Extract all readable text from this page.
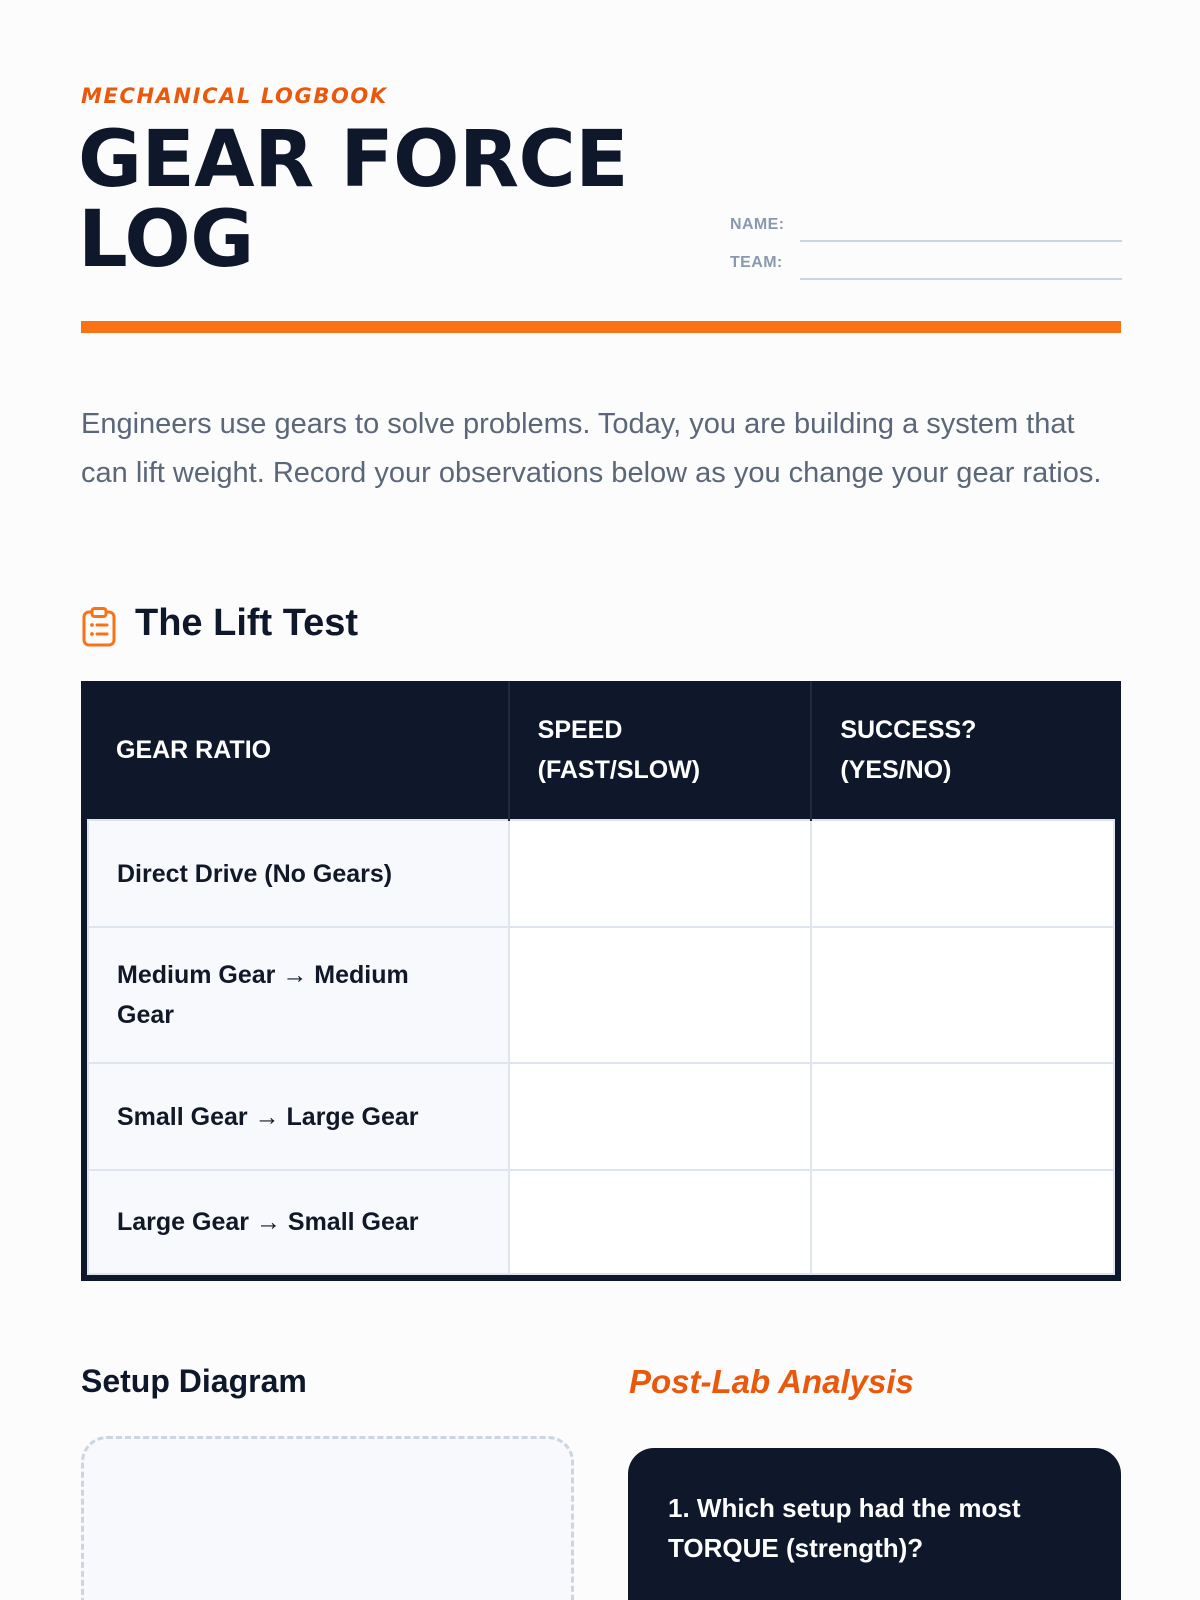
MECHANICAL LOGBOOK
GEAR FORCE LOG	NAME:
TEAM:

Engineers use gears to solve problems. Today, you are building a system that can lift weight. Record your observations below as you change your gear ratios.

The Lift Test
GEAR RATIO	SPEED (FAST/SLOW)	SUCCESS? (YES/NO)
Direct Drive (No Gears)		
Medium Gear → Medium Gear		
Small Gear → Large Gear		
Large Gear → Small Gear		
Setup Diagram	Post-Lab Analysis

1. Which setup had the most TORQUE (strength)?
